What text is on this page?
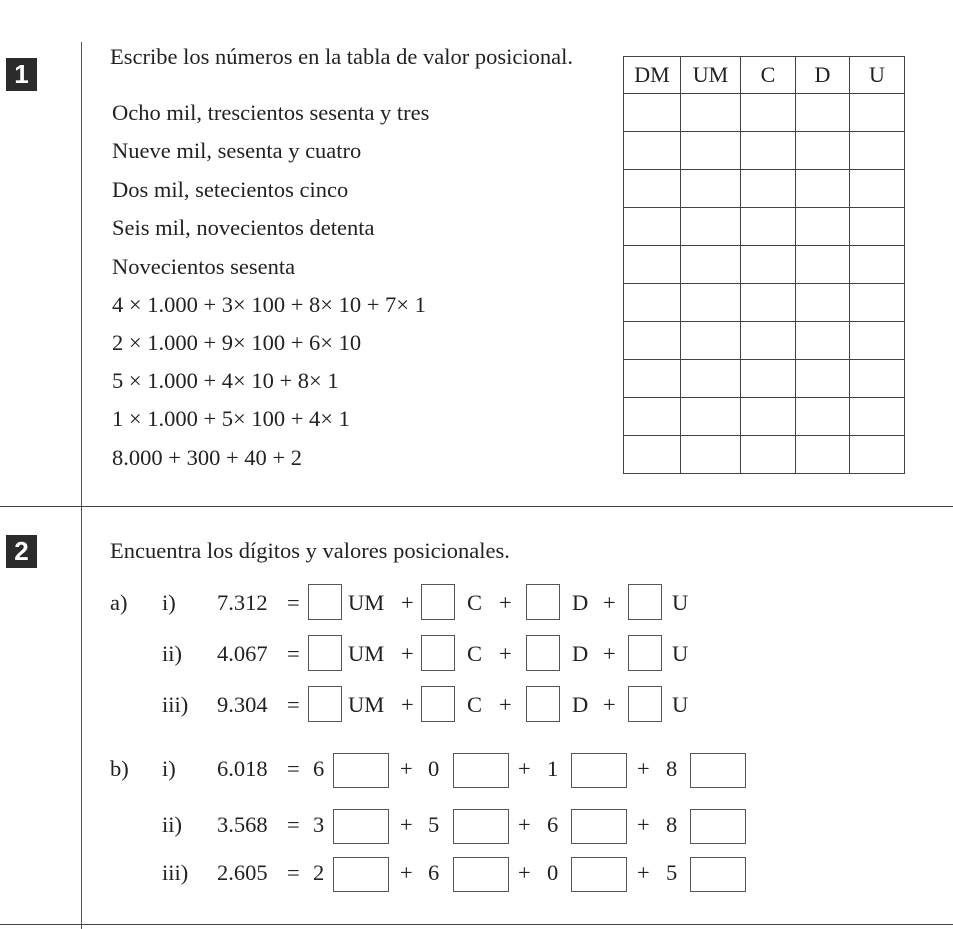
1
Escribe los números en la tabla de valor posicional.
Ocho mil, trescientos sesenta y tres
Nueve mil, sesenta y cuatro
Dos mil, setecientos cinco
Seis mil, novecientos detenta
Novecientos sesenta
4 × 1.000 + 3× 100 + 8× 10 + 7× 1
2 × 1.000 + 9× 100 + 6× 10
5 × 1.000 + 4× 10 + 8× 1
1 × 1.000 + 5× 100 + 4× 1
8.000 + 300 + 40 + 2
DM	UM	C	D	U

2	Encuentra los dígitos y valores posicionales.
a)
b)
i) 7.312 = UM + C +	D +	U
ii) 4.067 = UM + C +	D +	U
iii) 9.304 = UM + C +	D +	U
i) 6.018 = 6	+ 0	+ 1	+ 8
ii) 3.568 = 3	+ 5	+ 6	+ 8
iii) 2.605 = 2	+ 6	+ 0	+ 5
